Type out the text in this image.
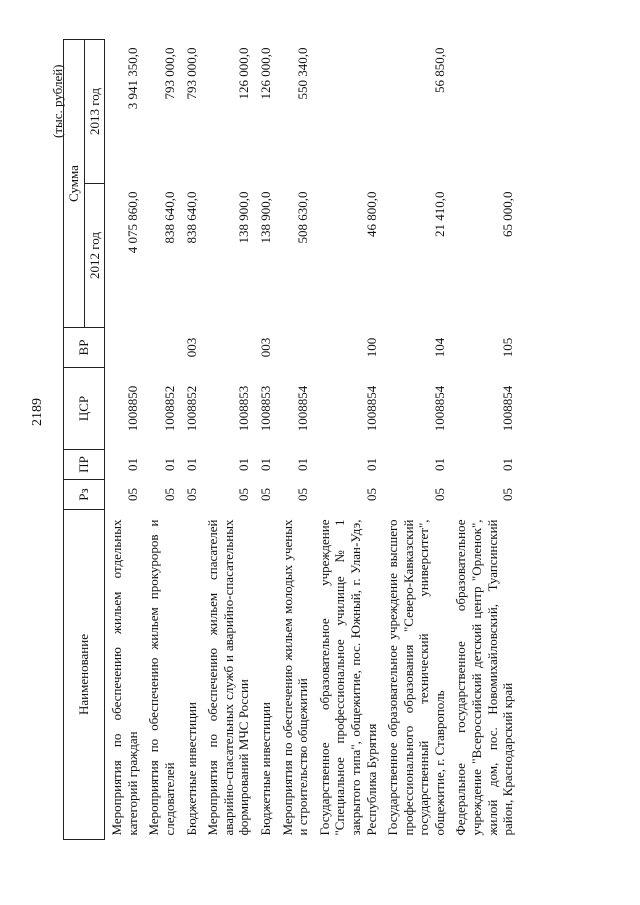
2189
(тыс. рублей)
Наименование	Рз	ПР	ЦСР	ВР	Сумма	
					2012 год	2013 год
Мероприятия по обеспечению жильем отдельных категорий граждан	05	01	1008850		4 075 860,0	3 941 350,0
Мероприятия по обеспечению жильем прокуроров и следователей	05	01	1008852		838 640,0	793 000,0
Бюджетные инвестиции	05	01	1008852	003	838 640,0	793 000,0
Мероприятия по обеспечению жильем спасателей аварийно-спасательных служб и аварийно-спасательных формирований МЧС России	05	01	1008853		138 900,0	126 000,0
Бюджетные инвестиции	05	01	1008853	003	138 900,0	126 000,0
Мероприятия по обеспечению жильем молодых ученых и строительство общежитий	05	01	1008854		508 630,0	550 340,0
Государственное образовательное учреждение "Специальное профессиональное училище № 1 закрытого типа", общежитие, пос. Южный, г. Улан-Удэ, Республика Бурятия	05	01	1008854	100	46 800,0	
Государственное образовательное учреждение высшего профессионального образования "Северо-Кавказский государственный технический университет", общежитие, г. Ставрополь	05	01	1008854	104	21 410,0	56 850,0
Федеральное государственное образовательное учреждение "Всероссийский детский центр "Орленок", жилой дом, пос. Новомихайловский, Туапсинский район, Краснодарский край	05	01	1008854	105	65 000,0	
